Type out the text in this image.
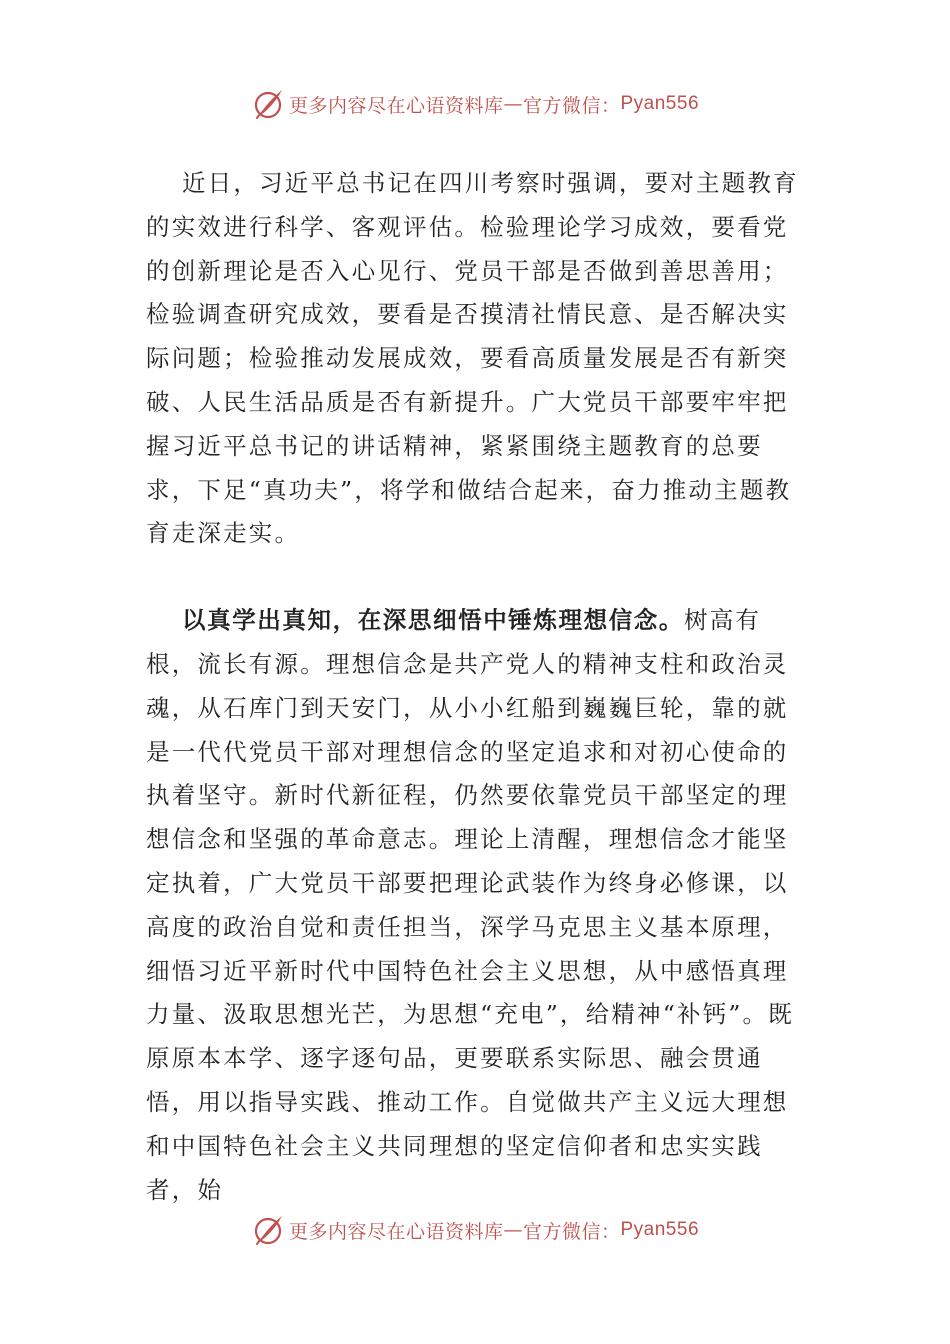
更多内容尽在心语资料库 — 官方微信： Pyan556

近日，习近平总书记在四川考察时强调，要对主题教育的实效进行科学、客观评估。检验理论学习成效，要看党的创新理论是否入心见行、党员干部是否做到善思善用；检验调查研究成效，要看是否摸清社情民意、是否解决实际问题；检验推动发展成效，要看高质量发展是否有新突破、人民生活品质是否有新提升。广大党员干部要牢牢把握习近平总书记的讲话精神，紧紧围绕主题教育的总要求，下足“真功夫”，将学和做结合起来，奋力推动主题教育走深走实。

以真学出真知，在深思细悟中锤炼理想信念。树高有根，流长有源。理想信念是共产党人的精神支柱和政治灵魂，从石库门到天安门，从小小红船到巍巍巨轮，靠的就是一代代党员干部对理想信念的坚定追求和对初心使命的执着坚守。新时代新征程，仍然要依靠党员干部坚定的理想信念和坚强的革命意志。理论上清醒，理想信念才能坚定执着，广大党员干部要把理论武装作为终身必修课，以高度的政治自觉和责任担当，深学马克思主义基本原理，细悟习近平新时代中国特色社会主义思想，从中感悟真理力量、汲取思想光芒，为思想“充电”，给精神“补钙”。既原原本本学、逐字逐句品，更要联系实际思、融会贯通悟，用以指导实践、推动工作。自觉做共产主义远大理想和中国特色社会主义共同理想的坚定信仰者和忠实实践者，始

更多内容尽在心语资料库 — 官方微信： Pyan556
